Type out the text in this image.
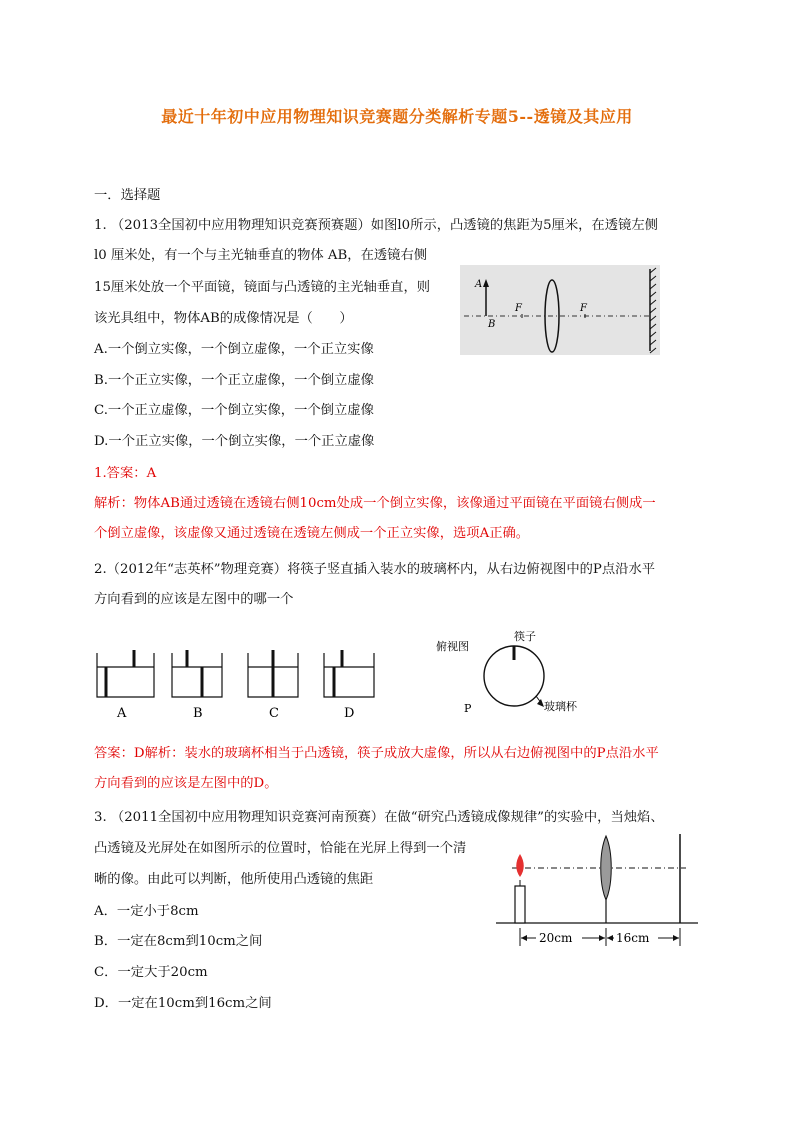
最近十年初中应用物理知识竞赛题分类解析专题5--透镜及其应用
一．选择题
1. （2013全国初中应用物理知识竞赛预赛题）如图l0所示，凸透镜的焦距为5厘米，在透镜左侧
l0 厘米处，有一个与主光轴垂直的物体 AB，在透镜右侧
15厘米处放一个平面镜，镜面与凸透镜的主光轴垂直，则
该光具组中，物体AB的成像情况是（　　）
A.一个倒立实像，一个倒立虚像，一个正立实像
B.一个正立实像，一个正立虚像，一个倒立虚像
C.一个正立虚像，一个倒立实像，一个倒立虚像
D.一个正立实像，一个倒立实像，一个正立虚像
1.答案：A
解析：物体AB通过透镜在透镜右侧10cm处成一个倒立实像，该像通过平面镜在平面镜右侧成一
个倒立虚像，该虚像又通过透镜在透镜左侧成一个正立实像，选项A正确。
A
B
F	F
2.（2012年“志英杯”物理竞赛）将筷子竖直插入装水的玻璃杯内，从右边俯视图中的P点沿水平
方向看到的应该是左图中的哪一个
A	B	C	D
俯视图
筷子
玻璃杯
P
答案：D解析：装水的玻璃杯相当于凸透镜，筷子成放大虚像，所以从右边俯视图中的P点沿水平
方向看到的应该是左图中的D。
3. （2011全国初中应用物理知识竞赛河南预赛）在做“研究凸透镜成像规律”的实验中，当烛焰、
凸透镜及光屏处在如图所示的位置时，恰能在光屏上得到一个清
晰的像。由此可以判断，他所使用凸透镜的焦距
A．一定小于8cm
B．一定在8cm到10cm之间
C．一定大于20cm
D．一定在10cm到16cm之间
20cm	16cm
